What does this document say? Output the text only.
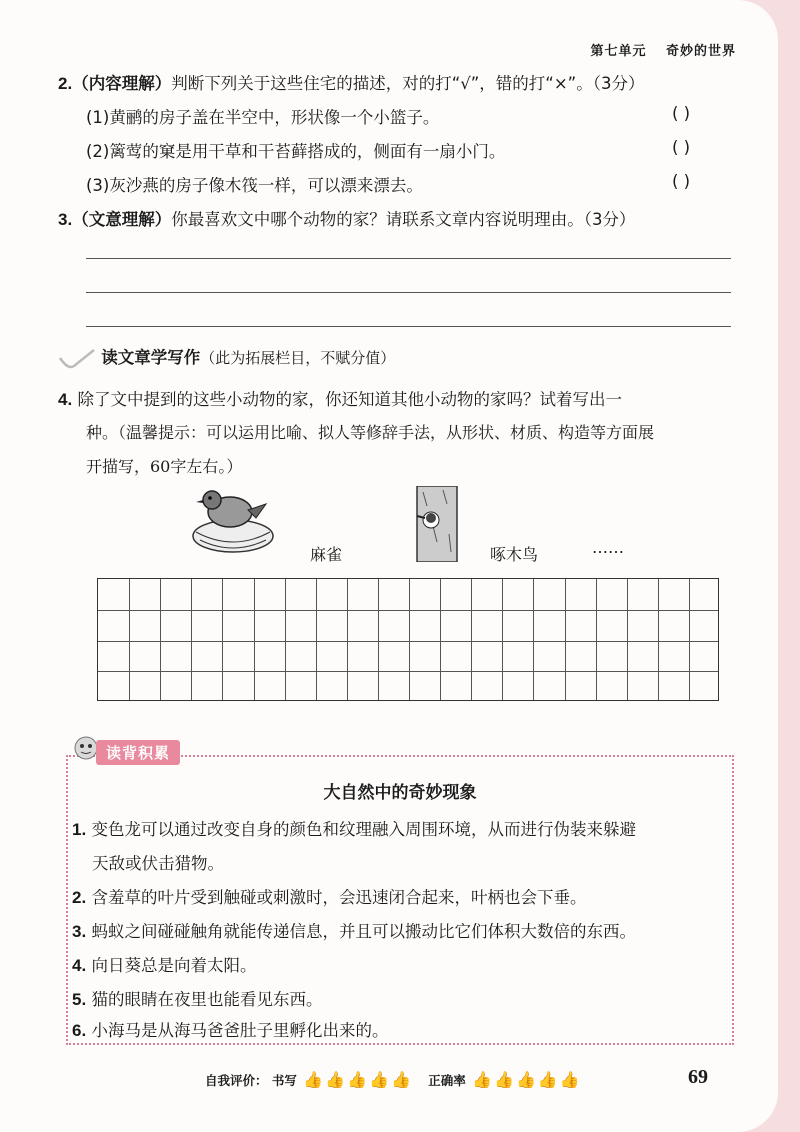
第七单元 奇妙的世界
2.（内容理解）判断下列关于这些住宅的描述，对的打“√”，错的打“×”。（3分）
(1)黄鹂的房子盖在半空中，形状像一个小篮子。	( )
(2)篱莺的窠是用干草和干苔藓搭成的，侧面有一扇小门。	( )
(3)灰沙燕的房子像木筏一样，可以漂来漂去。	( )
3.（文意理解）你最喜欢文中哪个动物的家？请联系文章内容说明理由。（3分）
读文章学写作（此为拓展栏目，不赋分值）
4. 除了文中提到的这些小动物的家，你还知道其他小动物的家吗？试着写出一
种。（温馨提示：可以运用比喻、拟人等修辞手法，从形状、材质、构造等方面展
开描写，60字左右。）
麻雀	啄木鸟	……
读背积累
大自然中的奇妙现象
1. 变色龙可以通过改变自身的颜色和纹理融入周围环境，从而进行伪装来躲避
天敌或伏击猎物。
2. 含羞草的叶片受到触碰或刺激时，会迅速闭合起来，叶柄也会下垂。
3. 蚂蚁之间碰碰触角就能传递信息，并且可以搬动比它们体积大数倍的东西。
4. 向日葵总是向着太阳。
5. 猫的眼睛在夜里也能看见东西。
6. 小海马是从海马爸爸肚子里孵化出来的。
自我评价： 书写 👍 👍 👍 👍 👍 正确率 👍 👍 👍 👍 👍	69
